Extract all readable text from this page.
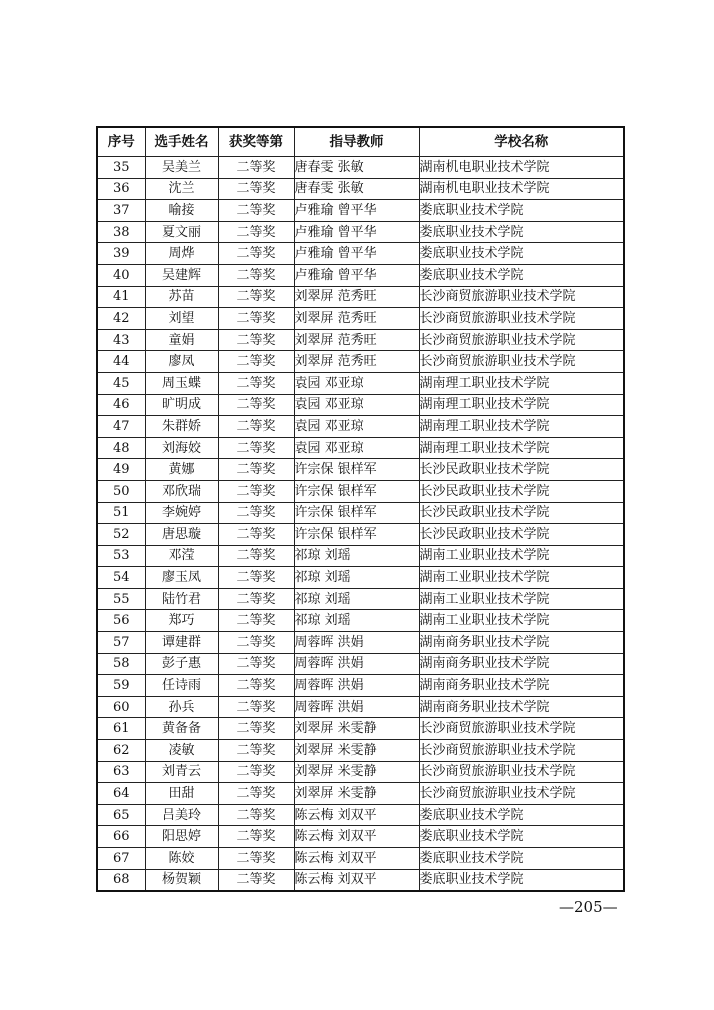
序号	选手姓名	获奖等第	指导教师	学校名称
35	吴美兰	二等奖	唐春雯 张敏	湖南机电职业技术学院
36	沈兰	二等奖	唐春雯 张敏	湖南机电职业技术学院
37	喻接	二等奖	卢雅瑜 曾平华	娄底职业技术学院
38	夏文丽	二等奖	卢雅瑜 曾平华	娄底职业技术学院
39	周烨	二等奖	卢雅瑜 曾平华	娄底职业技术学院
40	吴建辉	二等奖	卢雅瑜 曾平华	娄底职业技术学院
41	苏苗	二等奖	刘翠屏 范秀旺	长沙商贸旅游职业技术学院
42	刘望	二等奖	刘翠屏 范秀旺	长沙商贸旅游职业技术学院
43	童娟	二等奖	刘翠屏 范秀旺	长沙商贸旅游职业技术学院
44	廖凤	二等奖	刘翠屏 范秀旺	长沙商贸旅游职业技术学院
45	周玉蝶	二等奖	袁园 邓亚琼	湖南理工职业技术学院
46	旷明成	二等奖	袁园 邓亚琼	湖南理工职业技术学院
47	朱群娇	二等奖	袁园 邓亚琼	湖南理工职业技术学院
48	刘海姣	二等奖	袁园 邓亚琼	湖南理工职业技术学院
49	黄娜	二等奖	许宗保 银样军	长沙民政职业技术学院
50	邓欣瑞	二等奖	许宗保 银样军	长沙民政职业技术学院
51	李婉婷	二等奖	许宗保 银样军	长沙民政职业技术学院
52	唐思璇	二等奖	许宗保 银样军	长沙民政职业技术学院
53	邓滢	二等奖	祁琼 刘瑶	湖南工业职业技术学院
54	廖玉凤	二等奖	祁琼 刘瑶	湖南工业职业技术学院
55	陆竹君	二等奖	祁琼 刘瑶	湖南工业职业技术学院
56	郑巧	二等奖	祁琼 刘瑶	湖南工业职业技术学院
57	谭建群	二等奖	周蓉晖 洪娟	湖南商务职业技术学院
58	彭子惠	二等奖	周蓉晖 洪娟	湖南商务职业技术学院
59	任诗雨	二等奖	周蓉晖 洪娟	湖南商务职业技术学院
60	孙兵	二等奖	周蓉晖 洪娟	湖南商务职业技术学院
61	黄备备	二等奖	刘翠屏 米雯静	长沙商贸旅游职业技术学院
62	凌敏	二等奖	刘翠屏 米雯静	长沙商贸旅游职业技术学院
63	刘青云	二等奖	刘翠屏 米雯静	长沙商贸旅游职业技术学院
64	田甜	二等奖	刘翠屏 米雯静	长沙商贸旅游职业技术学院
65	吕美玲	二等奖	陈云梅 刘双平	娄底职业技术学院
66	阳思婷	二等奖	陈云梅 刘双平	娄底职业技术学院
67	陈姣	二等奖	陈云梅 刘双平	娄底职业技术学院
68	杨贺颖	二等奖	陈云梅 刘双平	娄底职业技术学院
—205—
